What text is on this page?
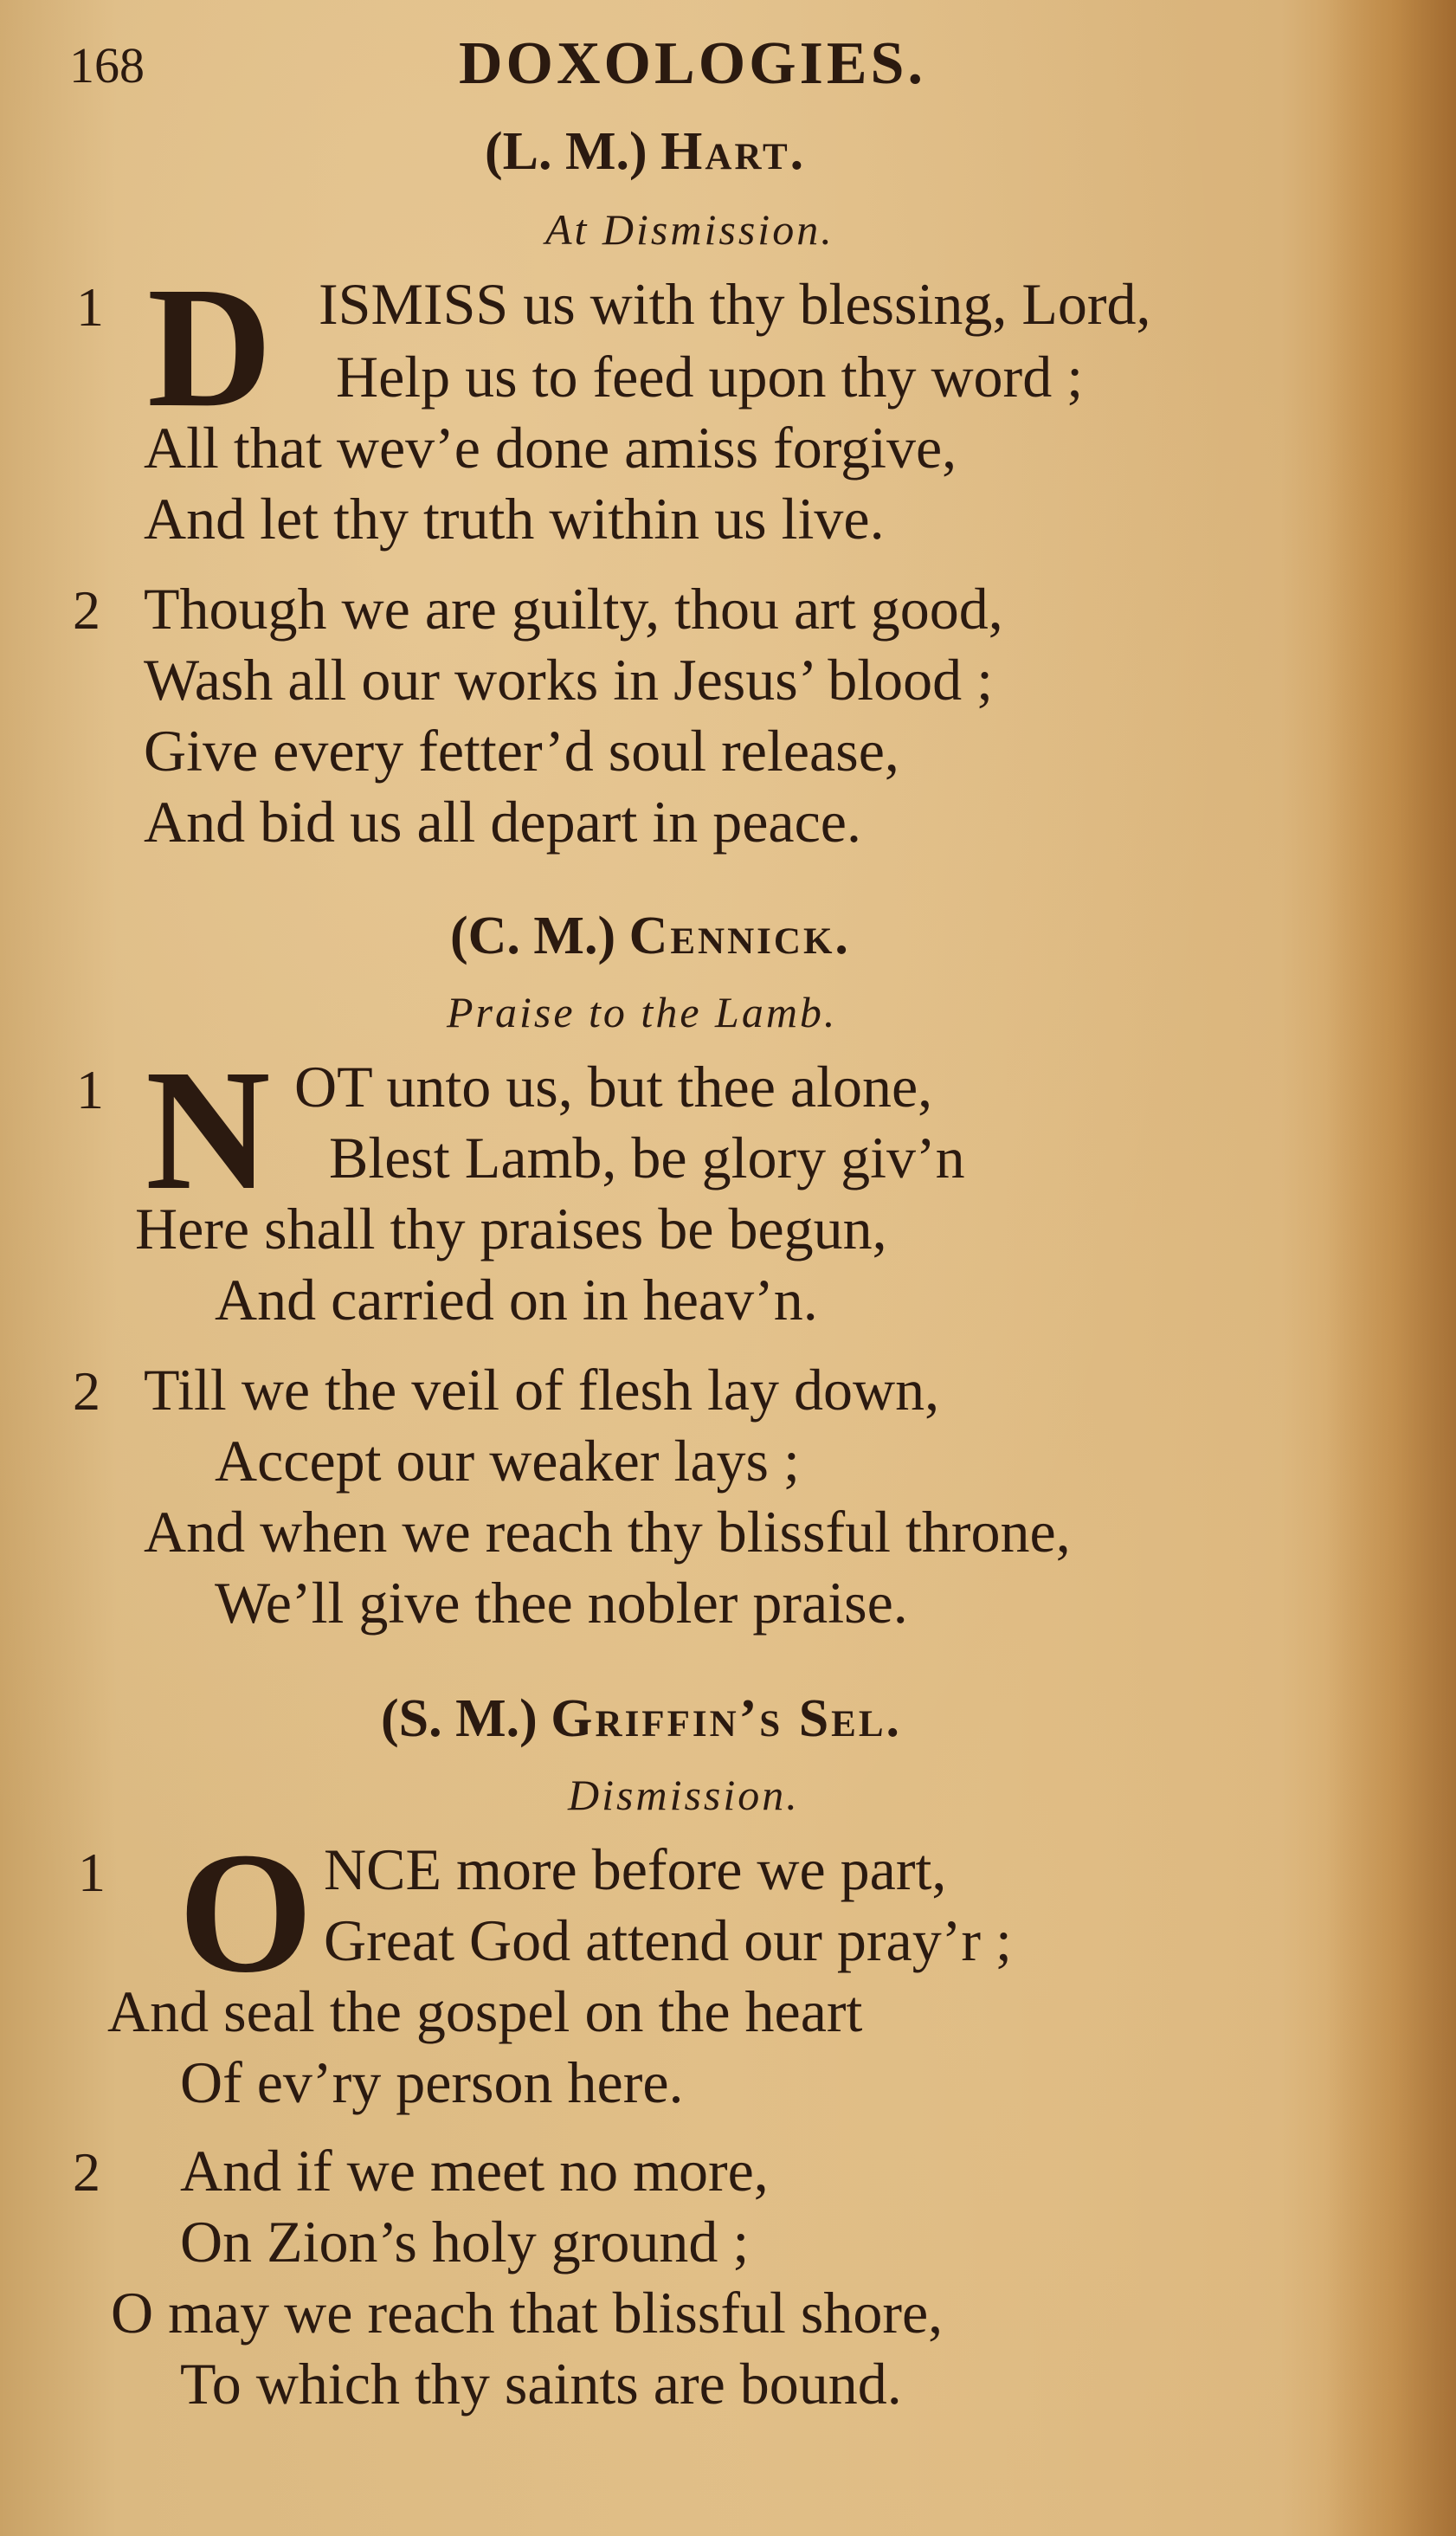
168	DOXOLOGIES.
(L. M.) Hart.
At Dismission.
1 D ISMISS us with thy blessing, Lord,
Help us to feed upon thy word ;
All that wev’e done amiss forgive,
And let thy truth within us live.
2 Though we are guilty, thou art good,
Wash all our works in Jesus’ blood ;
Give every fetter’d soul release,
And bid us all depart in peace.
(C. M.) Cennick.
Praise to the Lamb.
1 N OT unto us, but thee alone,
Blest Lamb, be glory giv’n
Here shall thy praises be begun,
And carried on in heav’n.
2 Till we the veil of flesh lay down,
Accept our weaker lays ;
And when we reach thy blissful throne,
We’ll give thee nobler praise.
(S. M.) Griffin’s Sel.
Dismission.
1 O NCE more before we part,
Great God attend our pray’r ;
And seal the gospel on the heart
Of ev’ry person here.
2 And if we meet no more,
On Zion’s holy ground ;
O may we reach that blissful shore,
To which thy saints are bound.
